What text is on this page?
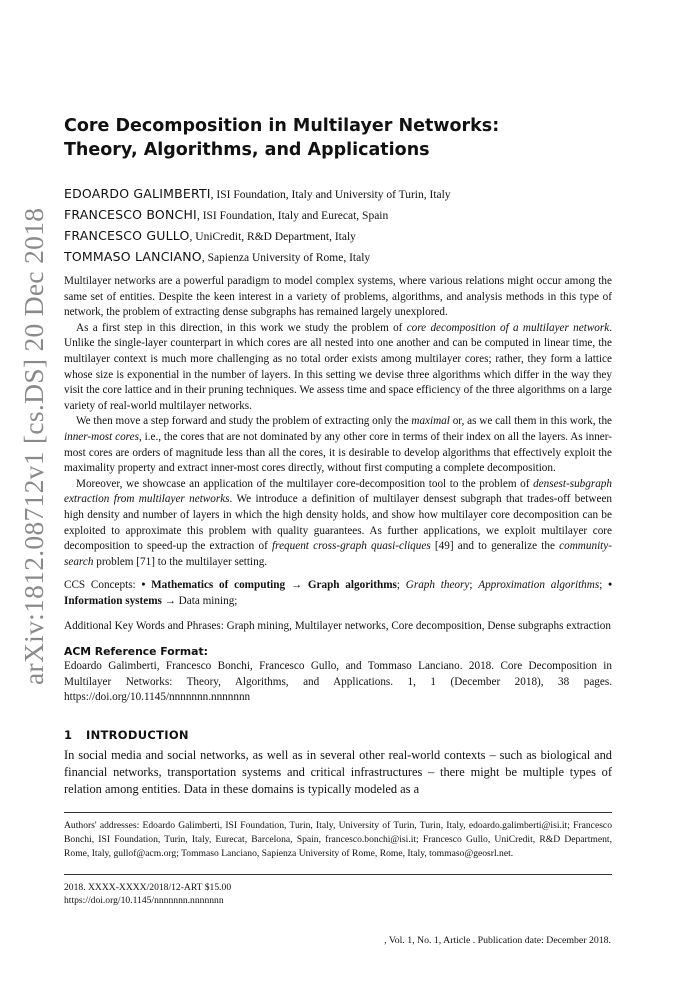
arXiv:1812.08712v1 [cs.DS] 20 Dec 2018
Core Decomposition in Multilayer Networks:
Theory, Algorithms, and Applications
EDOARDO GALIMBERTI, ISI Foundation, Italy and University of Turin, Italy
FRANCESCO BONCHI, ISI Foundation, Italy and Eurecat, Spain
FRANCESCO GULLO, UniCredit, R&D Department, Italy
TOMMASO LANCIANO, Sapienza University of Rome, Italy

Multilayer networks are a powerful paradigm to model complex systems, where various relations might occur among the same set of entities. Despite the keen interest in a variety of problems, algorithms, and analysis methods in this type of network, the problem of extracting dense subgraphs has remained largely unexplored.

As a first step in this direction, in this work we study the problem of core decomposition of a multilayer network. Unlike the single-layer counterpart in which cores are all nested into one another and can be computed in linear time, the multilayer context is much more challenging as no total order exists among multilayer cores; rather, they form a lattice whose size is exponential in the number of layers. In this setting we devise three algorithms which differ in the way they visit the core lattice and in their pruning techniques. We assess time and space efficiency of the three algorithms on a large variety of real-world multilayer networks.

We then move a step forward and study the problem of extracting only the maximal or, as we call them in this work, the inner-most cores, i.e., the cores that are not dominated by any other core in terms of their index on all the layers. As inner-most cores are orders of magnitude less than all the cores, it is desirable to develop algorithms that effectively exploit the maximality property and extract inner-most cores directly, without first computing a complete decomposition.

Moreover, we showcase an application of the multilayer core-decomposition tool to the problem of densest-subgraph extraction from multilayer networks. We introduce a definition of multilayer densest subgraph that trades-off between high density and number of layers in which the high density holds, and show how multilayer core decomposition can be exploited to approximate this problem with quality guarantees. As further applications, we exploit multilayer core decomposition to speed-up the extraction of frequent cross-graph quasi-cliques [49] and to generalize the community-search problem [71] to the multilayer setting.

CCS Concepts: • Mathematics of computing → Graph algorithms; Graph theory; Approximation algorithms; • Information systems → Data mining;
Additional Key Words and Phrases: Graph mining, Multilayer networks, Core decomposition, Dense subgraphs extraction
ACM Reference Format:
Edoardo Galimberti, Francesco Bonchi, Francesco Gullo, and Tommaso Lanciano. 2018. Core Decomposition in Multilayer Networks: Theory, Algorithms, and Applications. 1, 1 (December 2018), 38 pages. https://doi.org/10.1145/nnnnnnn.nnnnnnn
1 INTRODUCTION
In social media and social networks, as well as in several other real-world contexts – such as biological and financial networks, transportation systems and critical infrastructures – there might be multiple types of relation among entities. Data in these domains is typically modeled as a
Authors' addresses: Edoardo Galimberti, ISI Foundation, Turin, Italy, University of Turin, Turin, Italy, edoardo.galimberti@isi.it; Francesco Bonchi, ISI Foundation, Turin, Italy, Eurecat, Barcelona, Spain, francesco.bonchi@isi.it; Francesco Gullo, UniCredit, R&D Department, Rome, Italy, gullof@acm.org; Tommaso Lanciano, Sapienza University of Rome, Rome, Italy, tommaso@geosrl.net.
2018. XXXX-XXXX/2018/12-ART $15.00
https://doi.org/10.1145/nnnnnnn.nnnnnnn
, Vol. 1, No. 1, Article . Publication date: December 2018.
